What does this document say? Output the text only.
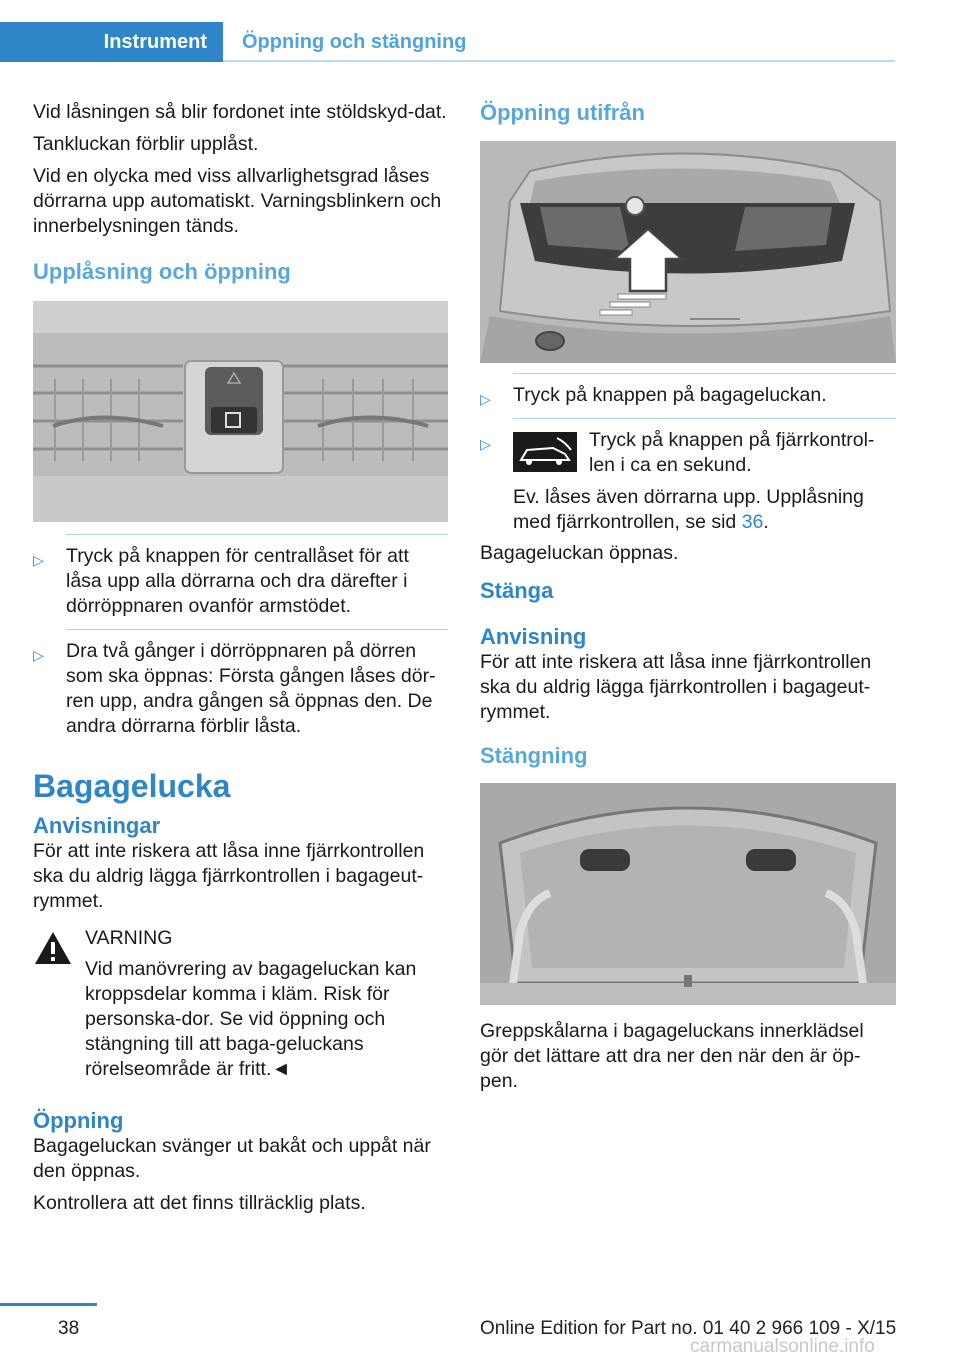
Instrument	Öppning och stängning

Vid låsningen så blir fordonet inte stöldskyd-dat.

Tankluckan förblir upplåst.

Vid en olycka med viss allvarlighetsgrad låses dörrarna upp automatiskt. Varningsblinkern och innerbelysningen tänds.

Upplåsning och öppning
▷ Tryck på knappen för centrallåset för att låsa upp alla dörrarna och dra därefter i dörröppnaren ovanför armstödet.
▷ Dra två gånger i dörröppnaren på dörren som ska öppnas: Första gången låses dör-ren upp, andra gången så öppnas den. De andra dörrarna förblir låsta.
Bagagelucka
Anvisningar

För att inte riskera att låsa inne fjärrkontrollen ska du aldrig lägga fjärrkontrollen i bagageut-rymmet.

VARNING
Vid manövrering av bagageluckan kan kroppsdelar komma i kläm. Risk för personska-dor. Se vid öppning och stängning till att baga-geluckans rörelseområde är fritt.◄
Öppning

Bagageluckan svänger ut bakåt och uppåt när den öppnas.

Kontrollera att det finns tillräcklig plats.

Öppning utifrån
▷ Tryck på knappen på bagageluckan.
▷	Tryck på knappen på fjärrkontrol-len i ca en sekund.

Ev. låses även dörrarna upp. Upplåsning med fjärrkontrollen, se sid 36.

Bagageluckan öppnas.

Stänga
Anvisning

För att inte riskera att låsa inne fjärrkontrollen ska du aldrig lägga fjärrkontrollen i bagageut-rymmet.

Stängning

Greppskålarna i bagageluckans innerklädsel gör det lättare att dra ner den när den är öp-pen.

38	Online Edition for Part no. 01 40 2 966 109 - X/15
carmanualsonline.info
